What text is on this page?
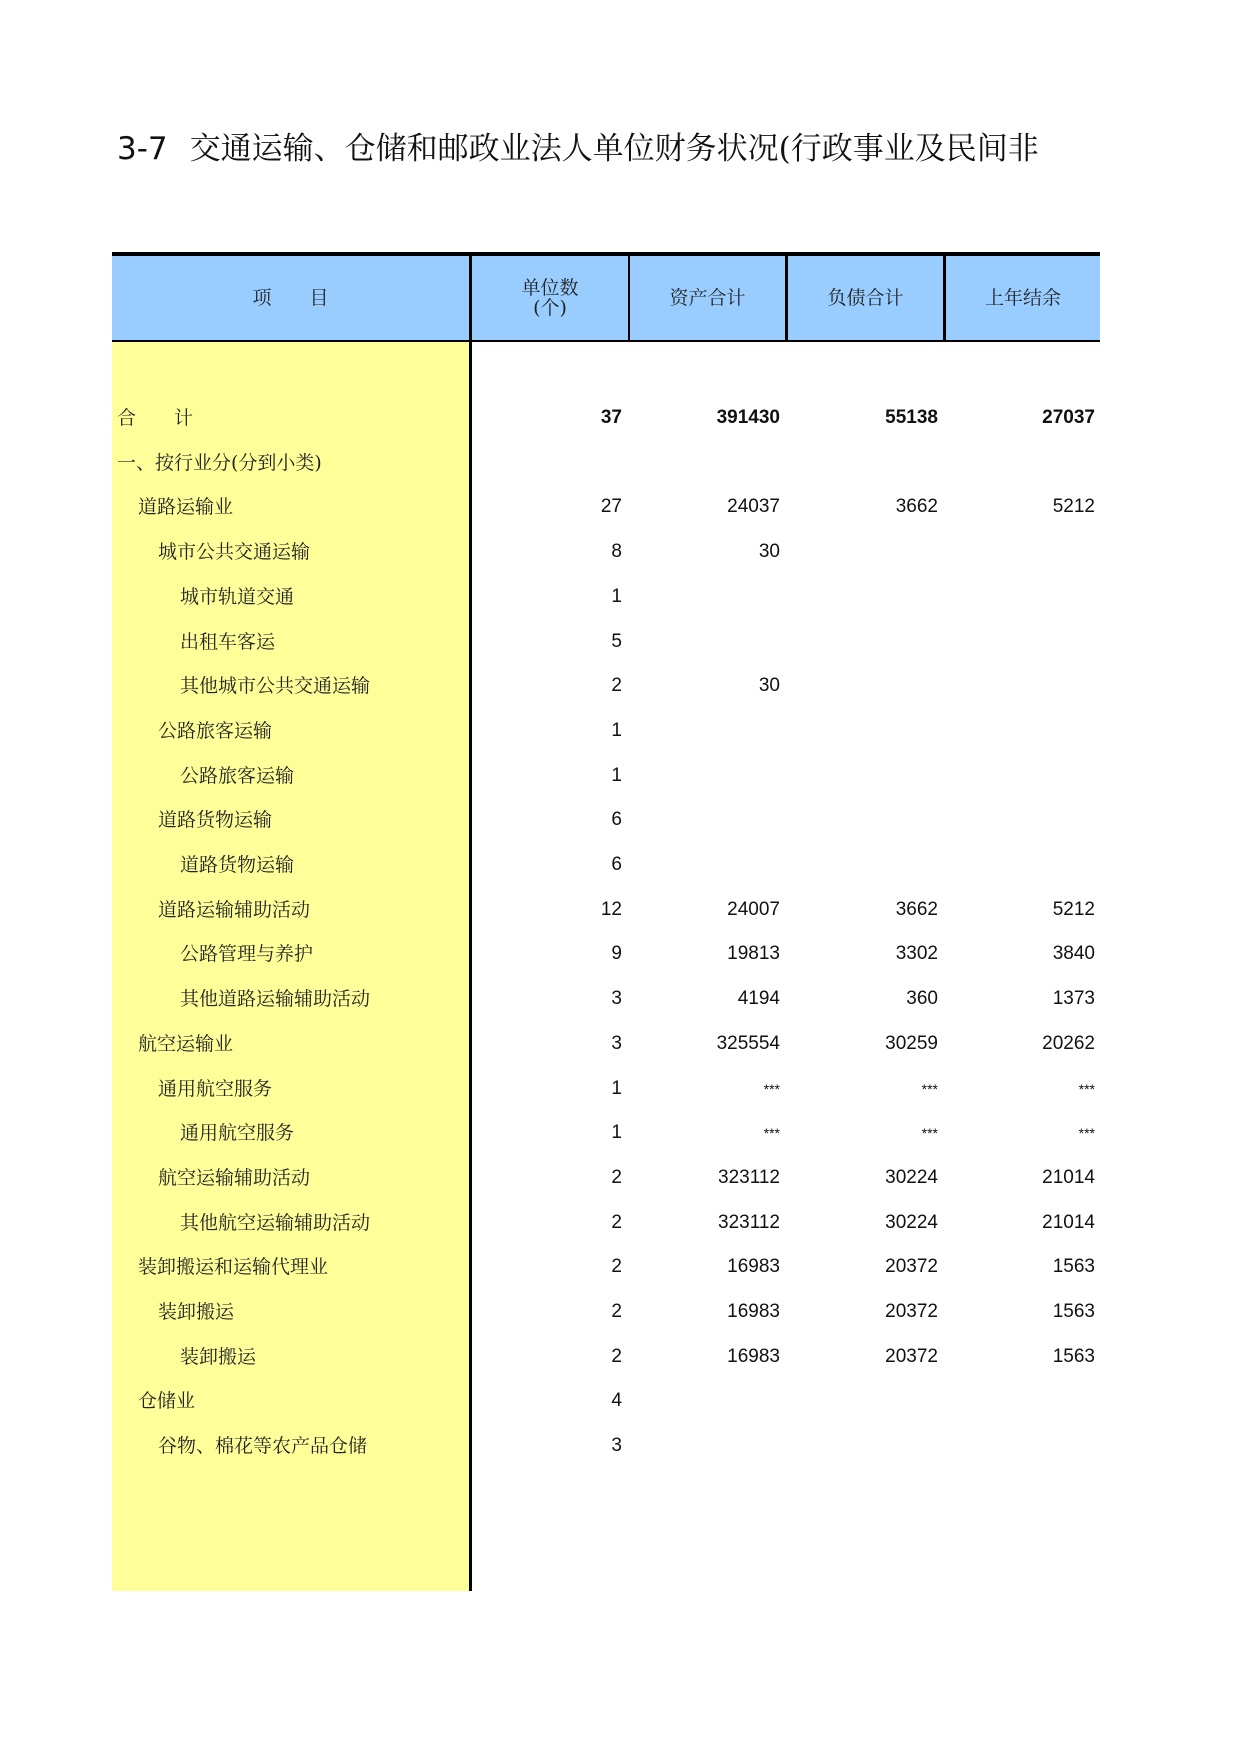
3-7 交通运输、仓储和邮政业法人单位财务状况(行政事业及民间非
项　　目	单位数
(个)	资产合计	负债合计	上年结余
合　　计	37	391430	55138	27037
一、按行业分(分到小类)
道路运输业	27	24037	3662	5212
城市公共交通运输	8	30
城市轨道交通	1
出租车客运	5
其他城市公共交通运输	2	30
公路旅客运输	1
公路旅客运输	1
道路货物运输	6
道路货物运输	6
道路运输辅助活动	12	24007	3662	5212
公路管理与养护	9	19813	3302	3840
其他道路运输辅助活动	3	4194	360	1373
航空运输业	3	325554	30259	20262
通用航空服务	1	***	***	***
通用航空服务	1	***	***	***
航空运输辅助活动	2	323112	30224	21014
其他航空运输辅助活动	2	323112	30224	21014
装卸搬运和运输代理业	2	16983	20372	1563
装卸搬运	2	16983	20372	1563
装卸搬运	2	16983	20372	1563
仓储业	4
谷物、棉花等农产品仓储	3
